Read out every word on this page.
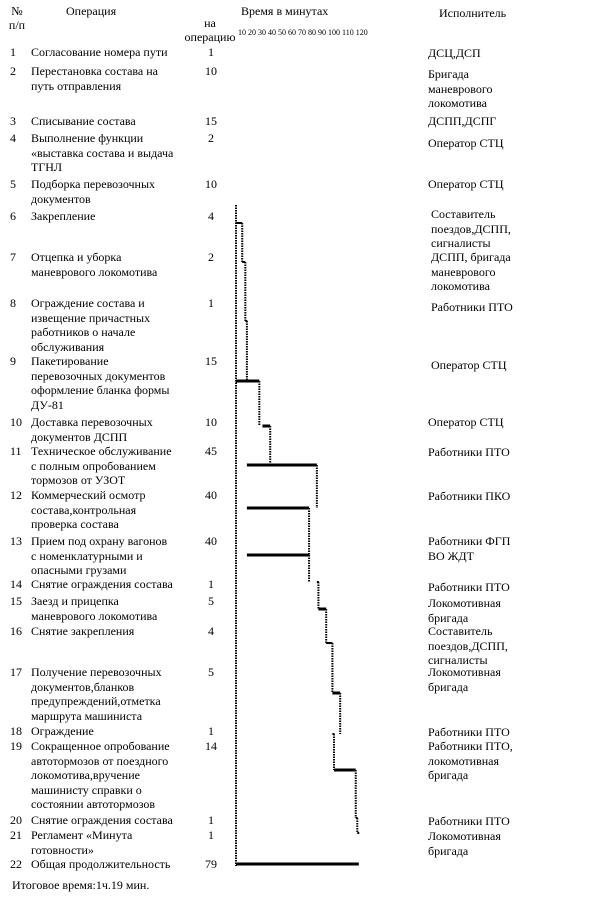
№
п/п
Операция
на
операцию
Время в минутах	Исполнитель
10 20 30 40 50 60 70 80 90 100 110 120
1 Согласование номера пути	1	ДСЦ,ДСП
2 Перестановка состава на
путь отправления
10	Бригада
маневрового
локомотива
3 Списывание состава	15	ДСПП,ДСПГ
4 Выполнение функции
«выставка состава и выдача
ТГНЛ
2	Оператор СТЦ
5 Подборка перевозочных
документов
10	Оператор СТЦ
6 Закрепление	4	Составитель
поездов,ДСПП,
сигналисты
7 Отцепка и уборка
маневрового локомотива
2	ДСПП, бригада
маневрового
локомотива
8 Ограждение состава и
извещение причастных
работников о начале
обслуживания
1	Работники ПТО
9 Пакетирование
перевозочных документов
оформление бланка формы
ДУ-81
15	Оператор СТЦ
10 Доставка перевозочных
документов ДСПП
10	Оператор СТЦ
11 Техническое обслуживание
с полным опробованием
тормозов от УЗОТ
45	Работники ПТО
12 Коммерческий осмотр
состава,контрольная
проверка состава
40	Работники ПКО
13 Прием под охрану вагонов
с номенклатурными и
опасными грузами
40	Работники ФГП
ВО ЖДТ
14 Снятие ограждения состава	1	Работники ПТО
15 Заезд и прицепка
маневрового локомотива
5	Локомотивная
бригада
16 Снятие закрепления	4	Составитель
поездов,ДСПП,
сигналисты
17 Получение перевозочных
документов,бланков
предупреждений,отметка
маршрута машиниста
5	Локомотивная
бригада
18 Ограждение	1	Работники ПТО
19 Сокращенное опробование
автотормозов от поездного
локомотива,вручение
машинисту справки о
состоянии автотормозов
14	Работники ПТО,
локомотивная
бригада
20 Снятие ограждения состава	1	Работники ПТО
21 Регламент «Минута
готовности»
1	Локомотивная
бригада
22 Общая продолжительность	79
Итоговое время:1ч.19 мин.
